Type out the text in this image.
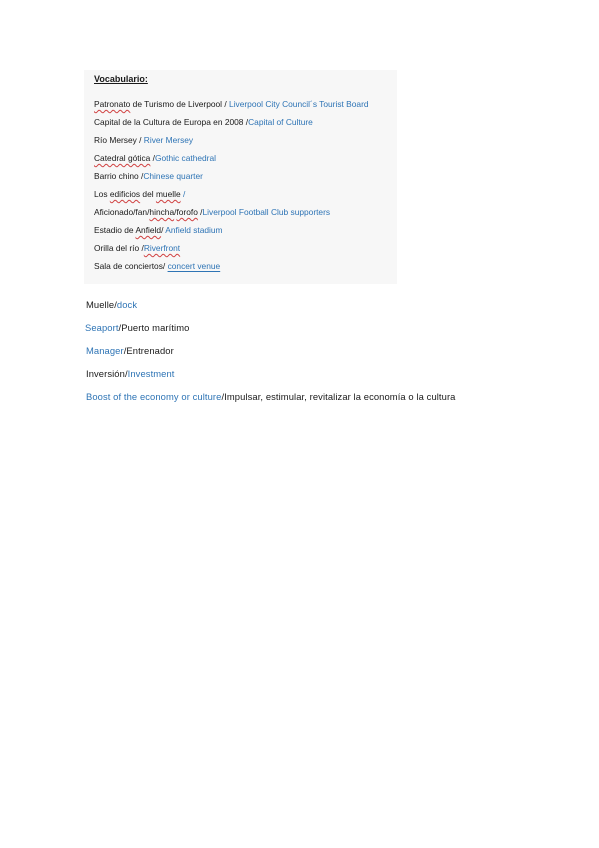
Vocabulario:
Patronato de Turismo de Liverpool / Liverpool City Council´s Tourist Board
Capital de la Cultura de Europa en 2008 /Capital of Culture
Río Mersey / River Mersey
Catedral gótica /Gothic cathedral
Barrio chino /Chinese quarter
Los edificios del muelle /
Aficionado/fan/hincha/forofo /Liverpool Football Club supporters
Estadio de Anfield/ Anfield stadium
Orilla del río /Riverfront
Sala de conciertos/ concert venue
Muelle/dock
Seaport/Puerto marítimo
Manager/Entrenador
Inversión/Investment
Boost of the economy or culture/Impulsar, estimular, revitalizar la economía o la cultura
